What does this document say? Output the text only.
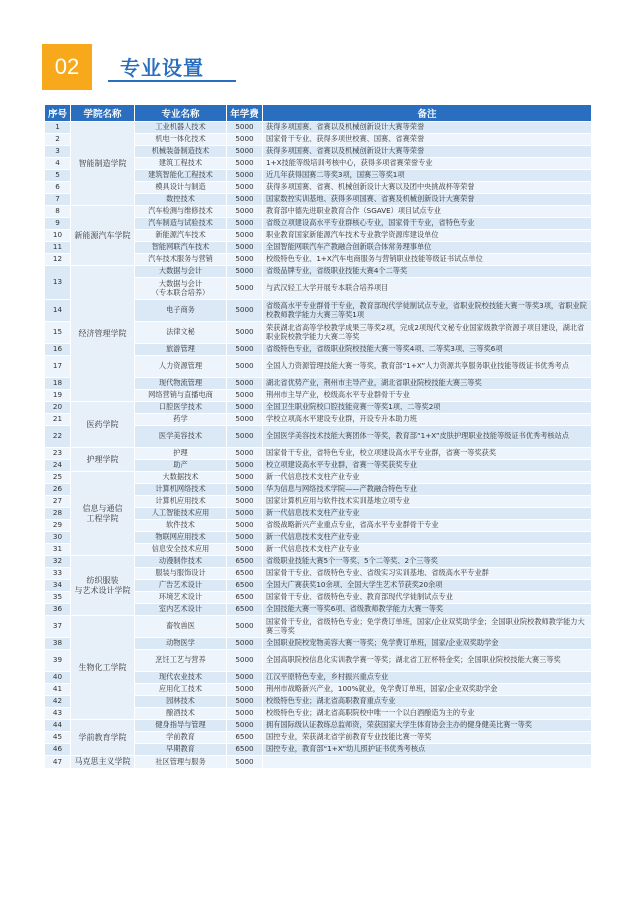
02	专业设置
序号	学院名称	专业名称	年学费	备注
1	智能制造学院	工业机器人技术	5000	获得多项国赛、省赛以及机械创新设计大赛等荣誉
2		机电一体化技术	5000	国家骨干专业、获得多项世校赛、国赛、省赛荣誉
3		机械装备制造技术	5000	获得多项国赛、省赛以及机械创新设计大赛等荣誉
4		建筑工程技术	5000	1+X技能等级培训考核中心，获得多项省赛荣誉专业
5		建筑智能化工程技术	5000	近几年获得国赛二等奖3项，国赛三等奖1项
6		模具设计与制造	5000	获得多项国赛、省赛、机械创新设计大赛以及团中央挑战杯等荣誉
7		数控技术	5000	国家数控实训基地、获得多项国赛、省赛及机械创新设计大赛荣誉
8	新能源汽车学院	汽车检测与维修技术	5000	教育部中德先进职业教育合作（SGAVE）项目试点专业
9		汽车制造与试验技术	5000	省级立项建设高水平专业群核心专业，国家骨干专业，省特色专业
10		新能源汽车技术	5000	职业教育国家新能源汽车技术专业教学资源库建设单位
11		智能网联汽车技术	5000	全国智能网联汽车产教融合创新联合体常务理事单位
12		汽车技术服务与营销	5000	校级特色专业、1+X汽车电商服务与营销职业技能等级证书试点单位
13	经济管理学院	大数据与会计	5000	省级品牌专业，省级职业技能大赛4个二等奖
		大数据与会计
（专本联合培养）	5000	与武汉轻工大学开展专本联合培养项目
14		电子商务	5000	省级高水平专业群骨干专业，教育部现代学徒制试点专业，省职业院校技能大赛一等奖3项，省职业院校教师教学能力大赛三等奖1项
15		法律文秘	5000	荣获湖北省高等学校教学成果三等奖2项，完成2项现代文秘专业国家级教学资源子项目建设，湖北省职业院校教学能力大赛二等奖
16		旅游管理	5000	省级特色专业，省级职业院校技能大赛一等奖4项、二等奖3项、三等奖6项
17		人力资源管理	5000	全国人力资源管理技能大赛一等奖，教育部“1+X”人力资源共享服务职业技能等级证书优秀考点
18		现代物流管理	5000	湖北省优势产业，荆州市主导产业，湖北省职业院校技能大赛三等奖
19		网络营销与直播电商	5000	荆州市主导产业，校级高水平专业群骨干专业
20	医药学院	口腔医学技术	5000	全国卫生职业院校口腔技能竞赛一等奖1项、二等奖2项
21		药学	5000	学校立项高水平建设专业群，开设专升本助力班
22		医学美容技术	5000	全国医学美容技术技能大赛团体一等奖，教育部“1+X”皮肤护理职业技能等级证书优秀考核站点
23	护理学院	护理	5000	国家骨干专业，省特色专业，校立项建设高水平专业群，省赛一等奖获奖
24		助产	5000	校立项建设高水平专业群，省赛一等奖获奖专业
25	信息与通信
工程学院	大数据技术	5000	新一代信息技术支柱产业专业
26		计算机网络技术	5000	华为信息与网络技术学院——产教融合特色专业
27		计算机应用技术	5000	国家计算机应用与软件技术实训基地立项专业
28		人工智能技术应用	5000	新一代信息技术支柱产业专业
29		软件技术	5000	省级战略新兴产业重点专业，省高水平专业群骨干专业
30		物联网应用技术	5000	新一代信息技术支柱产业专业
31		信息安全技术应用	5000	新一代信息技术支柱产业专业
32	纺织服装
与艺术设计学院	动漫制作技术	6500	省级职业技能大赛5个一等奖、5个二等奖、2个三等奖
33		服装与服饰设计	6500	国家骨干专业、省级特色专业、省级实习实训基地、省级高水平专业群
34		广告艺术设计	6500	全国大广赛获奖10余项、全国大学生艺术节获奖20余项
35		环境艺术设计	6500	国家骨干专业、省级特色专业、教育部现代学徒制试点专业
36		室内艺术设计	6500	全国技能大赛一等奖6项、省级教师教学能力大赛一等奖
37	生物化工学院	畜牧兽医	5000	国家骨干专业，省级特色专业；免学费订单班，国家/企业双奖助学金；全国职业院校教师教学能力大赛三等奖
38		动物医学	5000	全国职业院校宠物美容大赛一等奖；免学费订单班，国家/企业双奖助学金
39		烹饪工艺与营养	5000	全国高职院校信息化实训教学赛一等奖；湖北省工匠杯特金奖；全国职业院校技能大赛三等奖
40		现代农业技术	5000	江汉平原特色专业，乡村振兴重点专业
41		应用化工技术	5000	荆州市战略新兴产业，100%就业，免学费订单班，国家/企业双奖助学金
42		园林技术	5000	校级特色专业；湖北省高职教育重点专业
43		酿酒技术	5000	校级特色专业；湖北省高职院校中唯一一个以白酒酿造为主的专业
44	学前教育学院	健身指导与管理	5000	拥有国际级认证教练总监师资，荣获国家大学生体育协会主办的健身健美比赛一等奖
45		学前教育	6500	国控专业，荣获湖北省学前教育专业技能比赛一等奖
46		早期教育	6500	国控专业，教育部“1+X”幼儿照护证书优秀考核点
47	马克思主义学院	社区管理与服务	5000	
